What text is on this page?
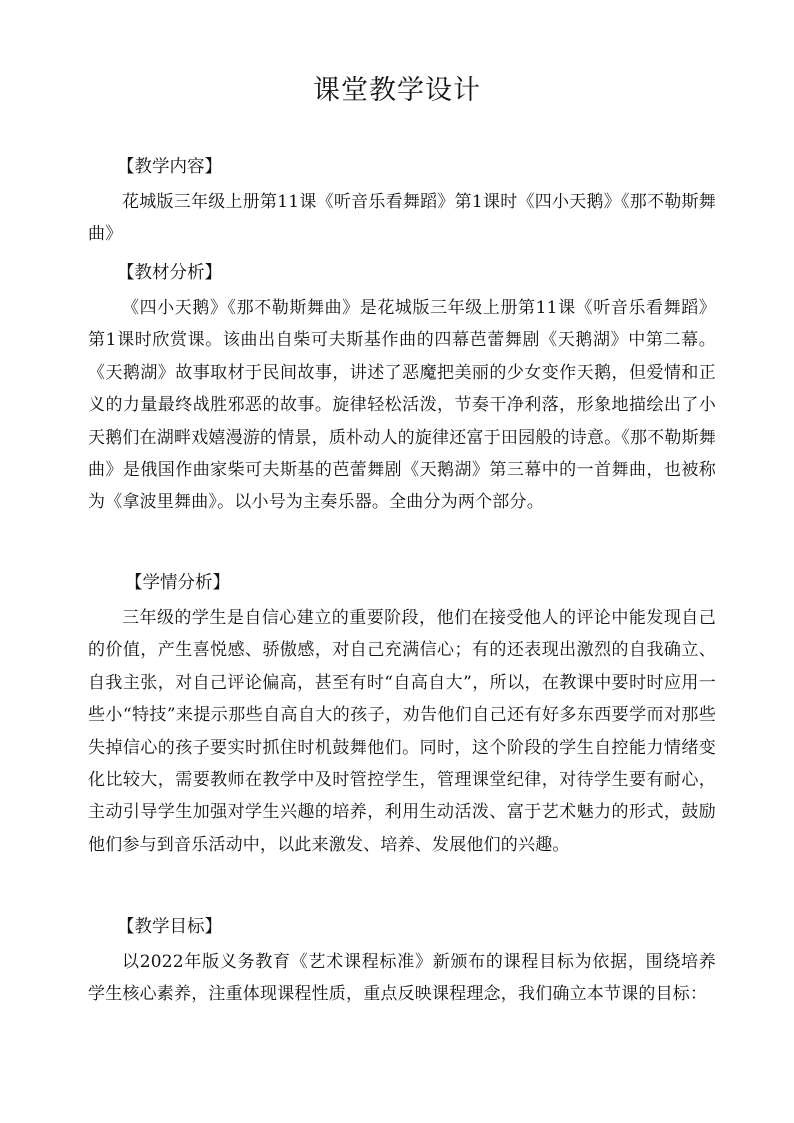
课堂教学设计
【教学内容】
花城版三年级上册第11课《听音乐看舞蹈》第1课时《四小天鹅》《那不勒斯舞曲》
【教材分析】
《四小天鹅》《那不勒斯舞曲》是花城版三年级上册第11课《听音乐看舞蹈》第1课时欣赏课。该曲出自柴可夫斯基作曲的四幕芭蕾舞剧《天鹅湖》中第二幕。《天鹅湖》故事取材于民间故事，讲述了恶魔把美丽的少女变作天鹅，但爱情和正义的力量最终战胜邪恶的故事。旋律轻松活泼，节奏干净利落，形象地描绘出了小天鹅们在湖畔戏嬉漫游的情景，质朴动人的旋律还富于田园般的诗意。《那不勒斯舞曲》是俄国作曲家柴可夫斯基的芭蕾舞剧《天鹅湖》第三幕中的一首舞曲，也被称为《拿波里舞曲》。以小号为主奏乐器。全曲分为两个部分。
【学情分析】
三年级的学生是自信心建立的重要阶段，他们在接受他人的评论中能发现自己的价值，产生喜悦感、骄傲感，对自己充满信心；有的还表现出激烈的自我确立、自我主张，对自己评论偏高，甚至有时“自高自大”，所以，在教课中要时时应用一些小“特技”来提示那些自高自大的孩子，劝告他们自己还有好多东西要学而对那些失掉信心的孩子要实时抓住时机鼓舞他们。同时，这个阶段的学生自控能力情绪变化比较大，需要教师在教学中及时管控学生，管理课堂纪律，对待学生要有耐心，主动引导学生加强对学生兴趣的培养，利用生动活泼、富于艺术魅力的形式，鼓励他们参与到音乐活动中，以此来激发、培养、发展他们的兴趣。
【教学目标】
以2022年版义务教育《艺术课程标准》新颁布的课程目标为依据，围绕培养学生核心素养，注重体现课程性质，重点反映课程理念，我们确立本节课的目标：
